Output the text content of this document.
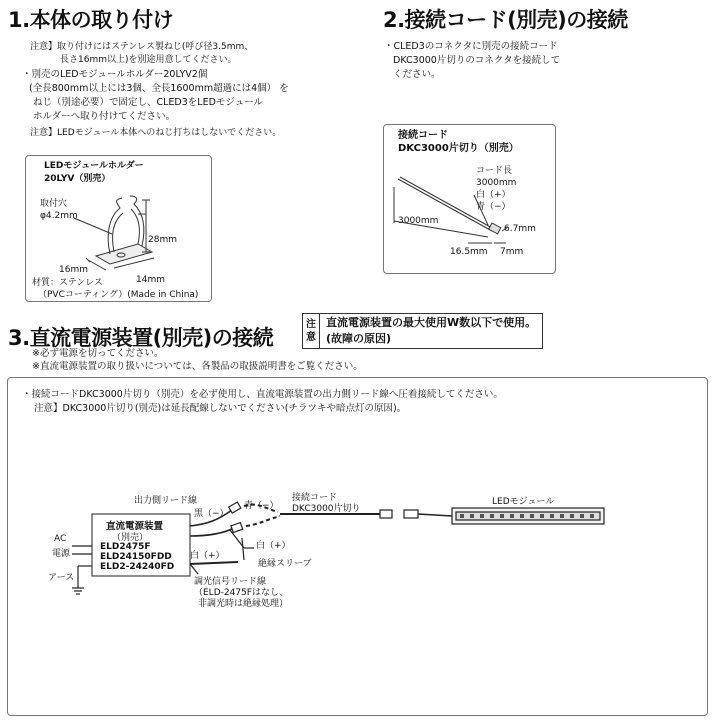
1.本体の取り付け
注意】取り付けにはステンレス製ねじ(呼び径3.5mm、
長さ16mm以上)を別途用意してください。
・別売のLEDモジュールホルダー20LYV2個
(全長800mm以上には3個、全長1600mm超過には4個） を
ねじ（別途必要）で固定し、CLED3をLEDモジュール
ホルダーへ取り付けてください。
注意】LEDモジュール本体へのねじ打ちはしないでください。
LEDモジュールホルダー
20LYV（別売）
取付穴
φ4.2mm
28mm
16mm
14mm
材質：ステンレス
（PVCコーティング）(Made in China)
2.接続コード(別売)の接続
・CLED3のコネクタに別売の接続コード
DKC3000片切りのコネクタを接続して
ください。
接続コード
DKC3000片切り（別売）
コード長
3000mm
白（+）
青（−）
3000mm
6.7mm
16.5mm 7mm
3.直流電源装置(別売)の接続
注
意
直流電源装置の最大使用W数以下で使用。
(故障の原因)
※必ず電源を切ってください。
※直流電源装置の取り扱いについては、各製品の取扱説明書をご覧ください。
・接続コードDKC3000片切り（別売）を必ず使用し、直流電源装置の出力側リード線へ圧着接続してください。
注意】DKC3000片切り(別売)は延長配線しないでください(チラツキや暗点灯の原因)。
出力側リード線
直流電源装置
（別売）
ELD2475F
ELD24150FDD
ELD2-24240FD
AC
電源
アース
黒（−）
白（+）
青（−）
白（+）
絶縁スリーブ
調光信号リード線
（ELD-2475Fはなし、
非調光時は絶縁処理）
接続コード
DKC3000片切り
LEDモジュール
